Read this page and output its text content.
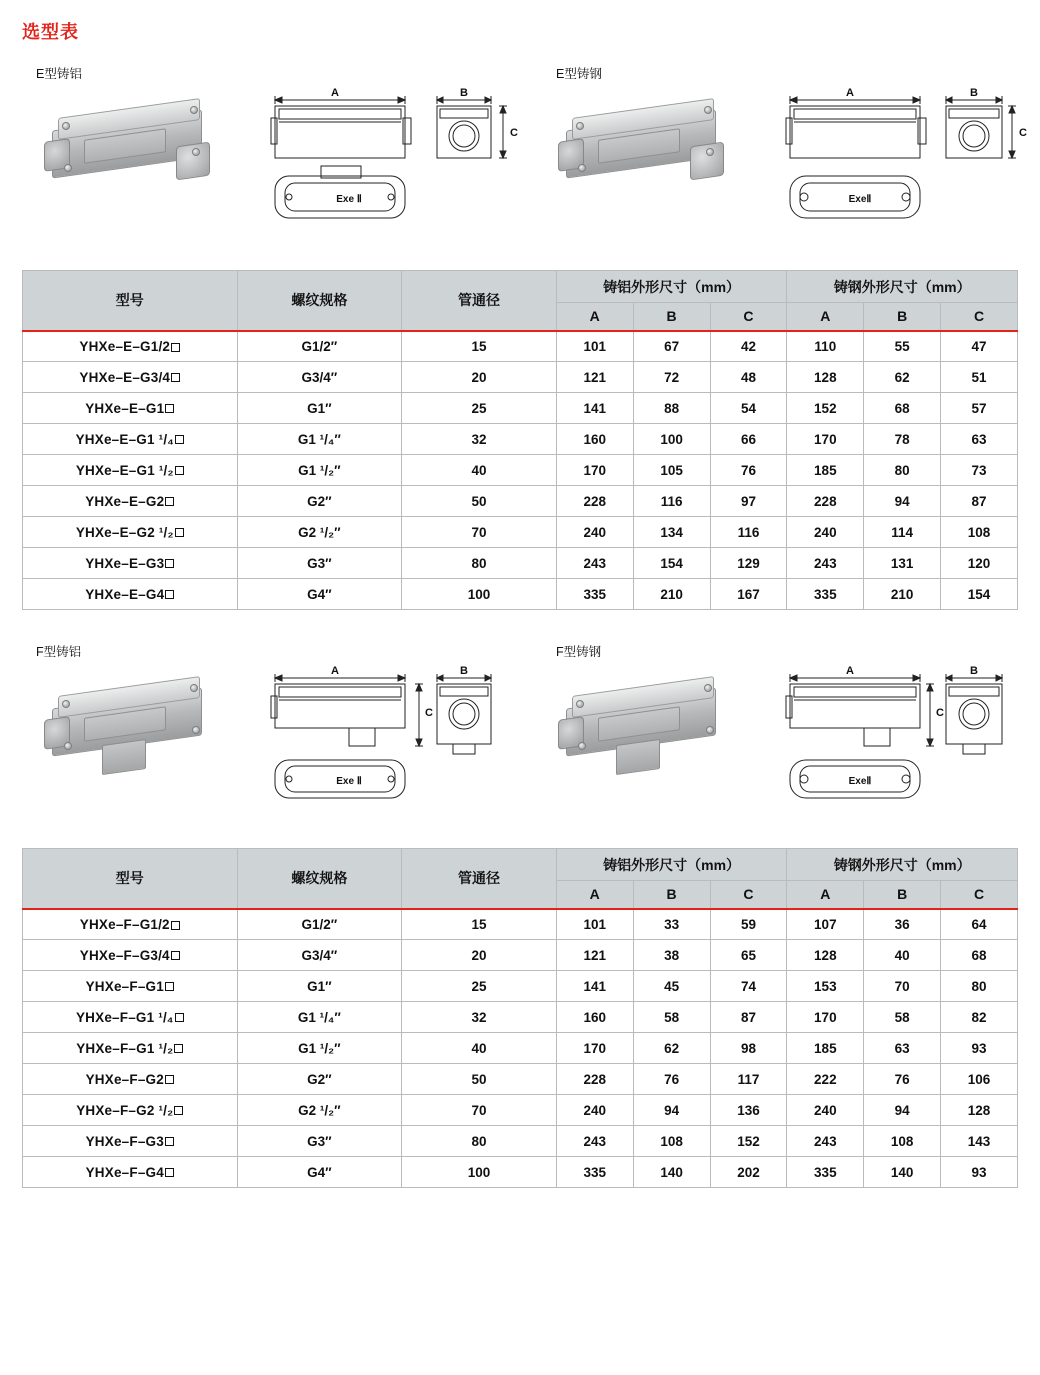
选型表
E型铸铝
A	B
C
Exe Ⅱ
E型铸钢
A	B
C
ExeⅡ
型号	螺纹规格	管通径	铸铝外形尺寸（mm）			铸钢外形尺寸（mm）		
			A	B	C	A	B	C
YHXe–E–G1/2	G1/2″	15	101	67	42	110	55	47
YHXe–E–G3/4	G3/4″	20	121	72	48	128	62	51
YHXe–E–G1	G1″	25	141	88	54	152	68	57
YHXe–E–G1 ¹/₄	G1 ¹/₄″	32	160	100	66	170	78	63
YHXe–E–G1 ¹/₂	G1 ¹/₂″	40	170	105	76	185	80	73
YHXe–E–G2	G2″	50	228	116	97	228	94	87
YHXe–E–G2 ¹/₂	G2 ¹/₂″	70	240	134	116	240	114	108
YHXe–E–G3	G3″	80	243	154	129	243	131	120
YHXe–E–G4	G4″	100	335	210	167	335	210	154
F型铸铝
A	B
C
Exe Ⅱ
F型铸钢
A	B
C
ExeⅡ
型号	螺纹规格	管通径	铸铝外形尺寸（mm）			铸钢外形尺寸（mm）		
			A	B	C	A	B	C
YHXe–F–G1/2	G1/2″	15	101	33	59	107	36	64
YHXe–F–G3/4	G3/4″	20	121	38	65	128	40	68
YHXe–F–G1	G1″	25	141	45	74	153	70	80
YHXe–F–G1 ¹/₄	G1 ¹/₄″	32	160	58	87	170	58	82
YHXe–F–G1 ¹/₂	G1 ¹/₂″	40	170	62	98	185	63	93
YHXe–F–G2	G2″	50	228	76	117	222	76	106
YHXe–F–G2 ¹/₂	G2 ¹/₂″	70	240	94	136	240	94	128
YHXe–F–G3	G3″	80	243	108	152	243	108	143
YHXe–F–G4	G4″	100	335	140	202	335	140	93
